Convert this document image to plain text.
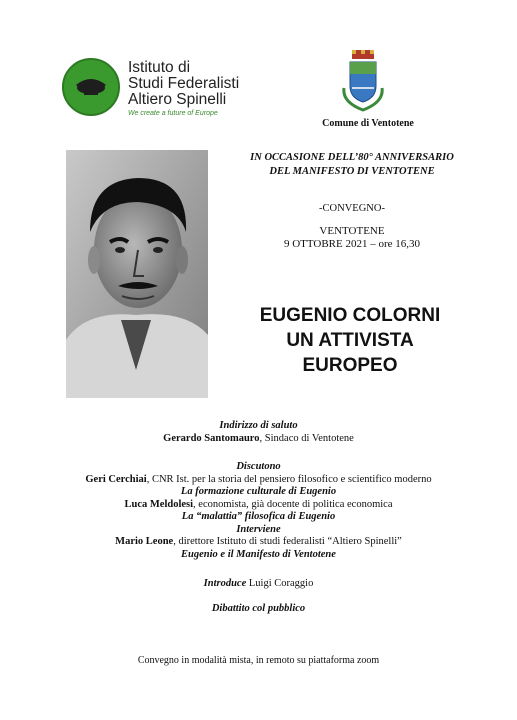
Istituto di
Studi Federalisti
Altiero Spinelli
We create a future of Europe
Comune di Ventotene
IN OCCASIONE DELL’80° ANNIVERSARIO
DEL MANIFESTO DI VENTOTENE
-CONVEGNO-
VENTOTENE
9 OTTOBRE 2021 – ore 16,30
EUGENIO COLORNI
UN ATTIVISTA
EUROPEO
Indirizzo di saluto
Gerardo Santomauro, Sindaco di Ventotene
Discutono
Geri Cerchiai, CNR Ist. per la storia del pensiero filosofico e scientifico moderno
La formazione culturale di Eugenio
Luca Meldolesi, economista, già docente di politica economica
La “malattia” filosofica di Eugenio
Interviene
Mario Leone, direttore Istituto di studi federalisti “Altiero Spinelli”
Eugenio e il Manifesto di Ventotene
Introduce Luigi Coraggio
Dibattito col pubblico
Convegno in modalità mista, in remoto su piattaforma zoom
